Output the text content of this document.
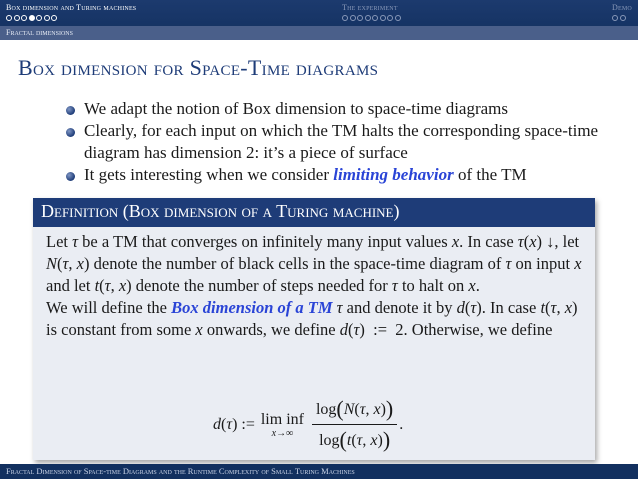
Box dimension and Turing machines	The experiment	Demo
Fractal dimensions
Box dimension for Space-Time diagrams
We adapt the notion of Box dimension to space-time diagrams
Clearly, for each input on which the TM halts the corresponding space-time diagram has dimension 2: it’s a piece of surface
It gets interesting when we consider limiting behavior of the TM
Definition (Box dimension of a Turing machine)

Let τ be a TM that converges on infinitely many input values x. In case τ(x) ↓, let N(τ, x) denote the number of black cells in the space-time diagram of τ on input x and let t(τ, x) denote the number of steps needed for τ to halt on x.

We will define the Box dimension of a TM τ and denote it by d(τ). In case t(τ, x) is constant from some x onwards, we define d(τ)  :=  2. Otherwise, we define

d(τ) := lim inf
$x\to\infty \frac{\log(N(\tau, x))}{\log(t(\tau, x))}$ .
Fractal Dimension of Space-time Diagrams and the Runtime Complexity of Small Turing Machines
